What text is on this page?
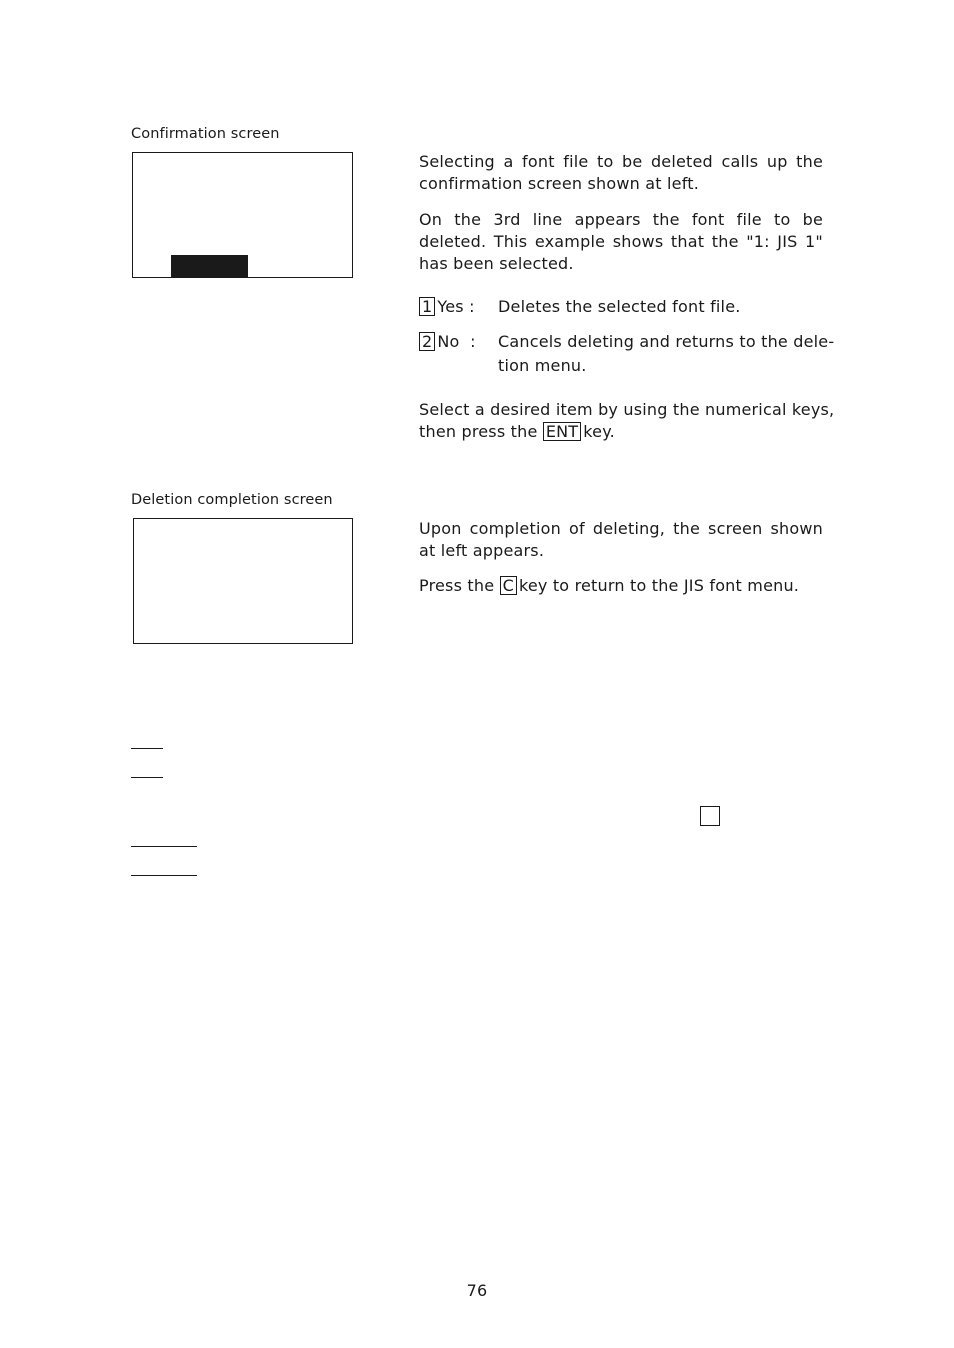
Confirmation screen
Selecting a font file to be deleted calls up the confirmation screen shown at left.
On the 3rd line appears the font file to be deleted. This example shows that the "1: JIS 1" has been selected.
1 Yes : Deletes the selected font file.
2 No  : Cancels deleting and returns to the dele-
tion menu.
Select a desired item by using the numerical keys,
then press the ENT key.
Deletion completion screen
Upon completion of deleting, the screen shown at left appears.
Press the C key to return to the JIS font menu.
76
